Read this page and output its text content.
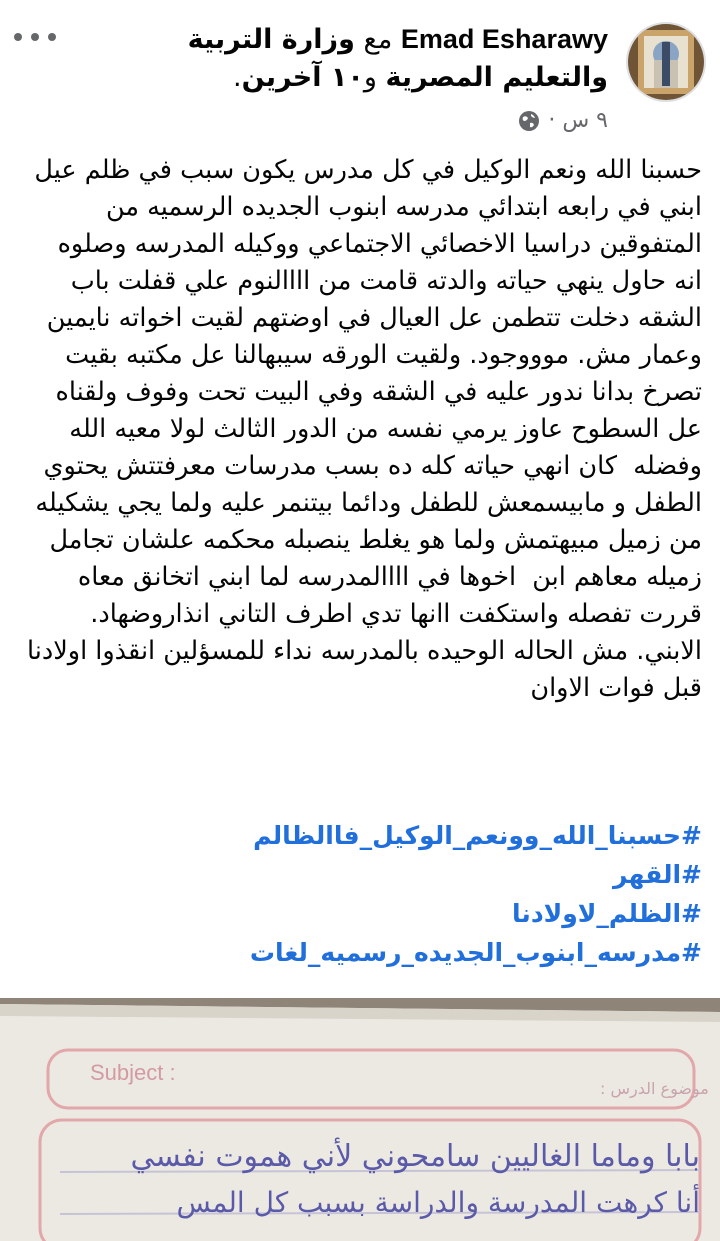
Emad Esharawy مع وزارة التربية والتعليم المصرية و١٠ آخرين.
٩ س ·
حسبنا الله ونعم الوكيل في كل مدرس يكون سبب في ظلم عيل ابني في رابعه ابتدائي مدرسه ابنوب الجديده الرسميه من المتفوقين دراسيا الاخصائي الاجتماعي ووكيله المدرسه وصلوه انه حاول ينهي حياته والدته قامت من اااالنوم علي قفلت باب الشقه دخلت تتطمن عل العيال في اوضتهم لقيت اخواته نايمين وعمار مش. موووجود. ولقيت الورقه سيبهالنا عل مكتبه بقيت تصرخ بدانا ندور عليه في الشقه وفي البيت تحت وفوف ولقناه عل السطوح عاوز يرمي نفسه من الدور الثالث لولا معيه الله وفضله  كان انهي حياته كله ده بسب مدرسات معرفتتش يحتوي الطفل و مابيسمعش للطفل ودائما بيتنمر عليه ولما يجي يشكيله من زميل مبيهتمش ولما هو يغلط ينصبله محكمه علشان تجامل زميله معاهم ابن  اخوها في اااالمدرسه لما ابني اتخانق معاه قررت تفصله واستكفت اانها تدي اطرف التاني انذاروضهاد. الابني. مش الحاله الوحيده بالمدرسه نداء للمسؤلين انقذوا اولادنا قبل فوات الاوان
#حسبنا_الله_وونعم_الوكيل_فاالظالم
#القهر
#الظلم_لاولادنا
#مدرسه_ابنوب_الجديده_رسميه_لغات
Subject :
موضوع الدرس :
بابا وماما الغاليين سامحوني لأني هموت نفسي
أنا كرهت المدرسة والدراسة بسبب كل المس
